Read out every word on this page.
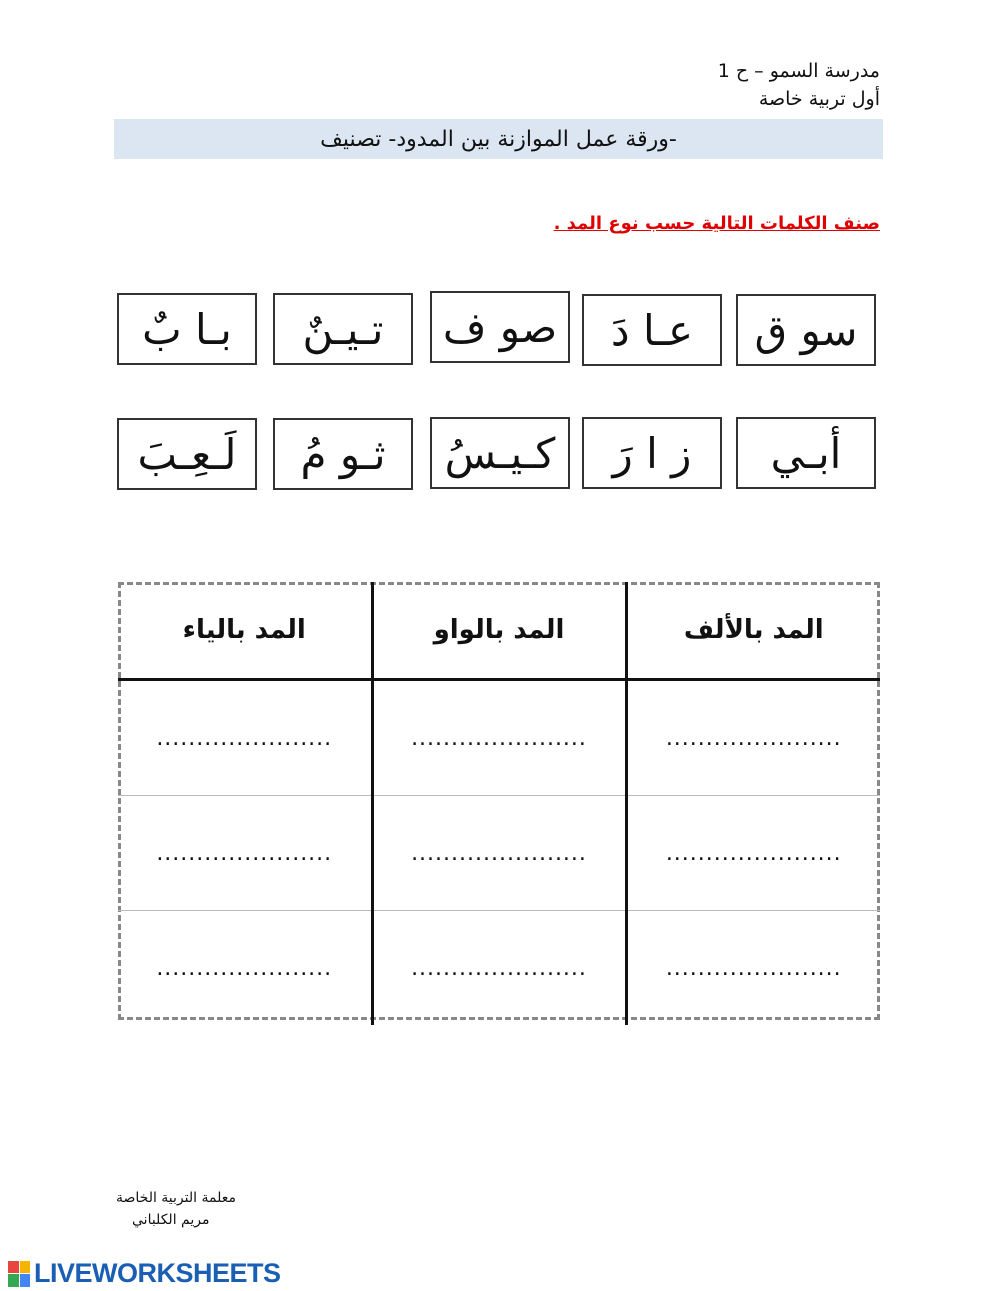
مدرسة السمو – ح 1
أول تربية خاصة
-ورقة عمل الموازنة بين المدود- تصنيف
صنف الكلمات التالية حسب نوع المد .
سو ق
عـا دَ
صو ف
تـيـنٌ
بـا بٌ
أبـي
ز ا رَ
كـيـسُ
ثـو مُ
لَـعِـبَ
المد بالألف	المد بالواو	المد بالياء
......................	......................	......................
......................	......................	......................
......................	......................	......................
معلمة التربية الخاصة
مريم الكلباني
LIVEWORKSHEETS
